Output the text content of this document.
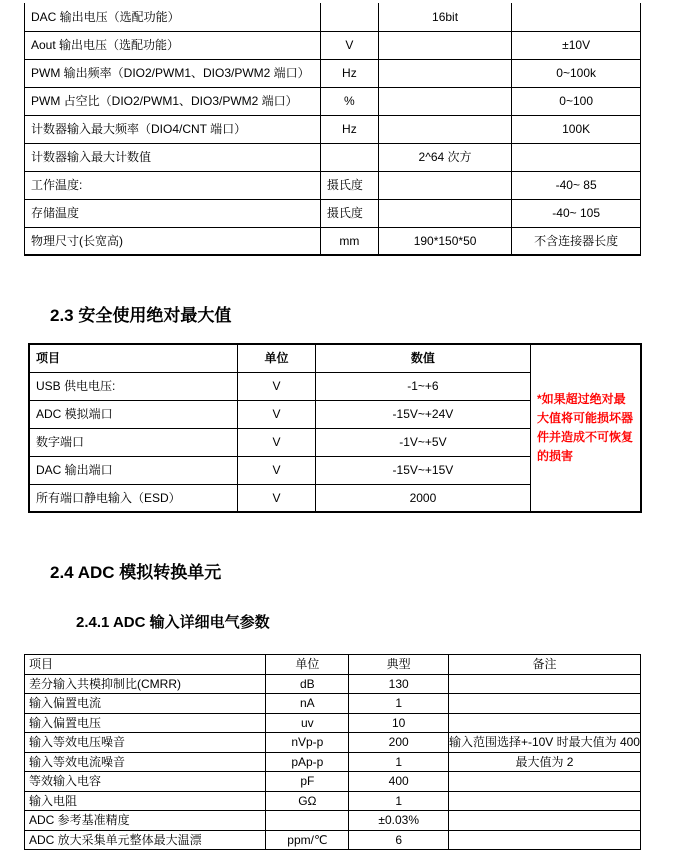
DAC 输出电压（选配功能）		16bit	
Aout 输出电压（选配功能）	V		±10V
PWM 输出频率（DIO2/PWM1、DIO3/PWM2 端口）	Hz		0~100k
PWM 占空比（DIO2/PWM1、DIO3/PWM2 端口）	%		0~100
计数器输入最大频率（DIO4/CNT 端口）	Hz		100K
计数器输入最大计数值		2^64 次方	
工作温度:	摄氏度		-40~ 85
存储温度	摄氏度		-40~ 105
物理尺寸(长宽高)	mm	190*150*50	不含连接器长度
2.3 安全使用绝对最大值
项目	单位	数值	*如果超过绝对最大值将可能损坏器件并造成不可恢复的损害
USB 供电电压:	V	-1~+6	
ADC 模拟端口	V	-15V~+24V	
数字端口	V	-1V~+5V	
DAC 输出端口	V	-15V~+15V	
所有端口静电输入（ESD）	V	2000	
2.4 ADC 模拟转换单元
2.4.1 ADC 输入详细电气参数
项目	单位	典型	备注
差分输入共模抑制比(CMRR)	dB	130	
输入偏置电流	nA	1	
输入偏置电压	uv	10	
输入等效电压噪音	nVp-p	200	输入范围选择+-10V 时最大值为 400
输入等效电流噪音	pAp-p	1	最大值为 2
等效输入电容	pF	400	
输入电阻	GΩ	1	
ADC 参考基准精度		±0.03%	
ADC 放大采集单元整体最大温漂	ppm/℃	6	
